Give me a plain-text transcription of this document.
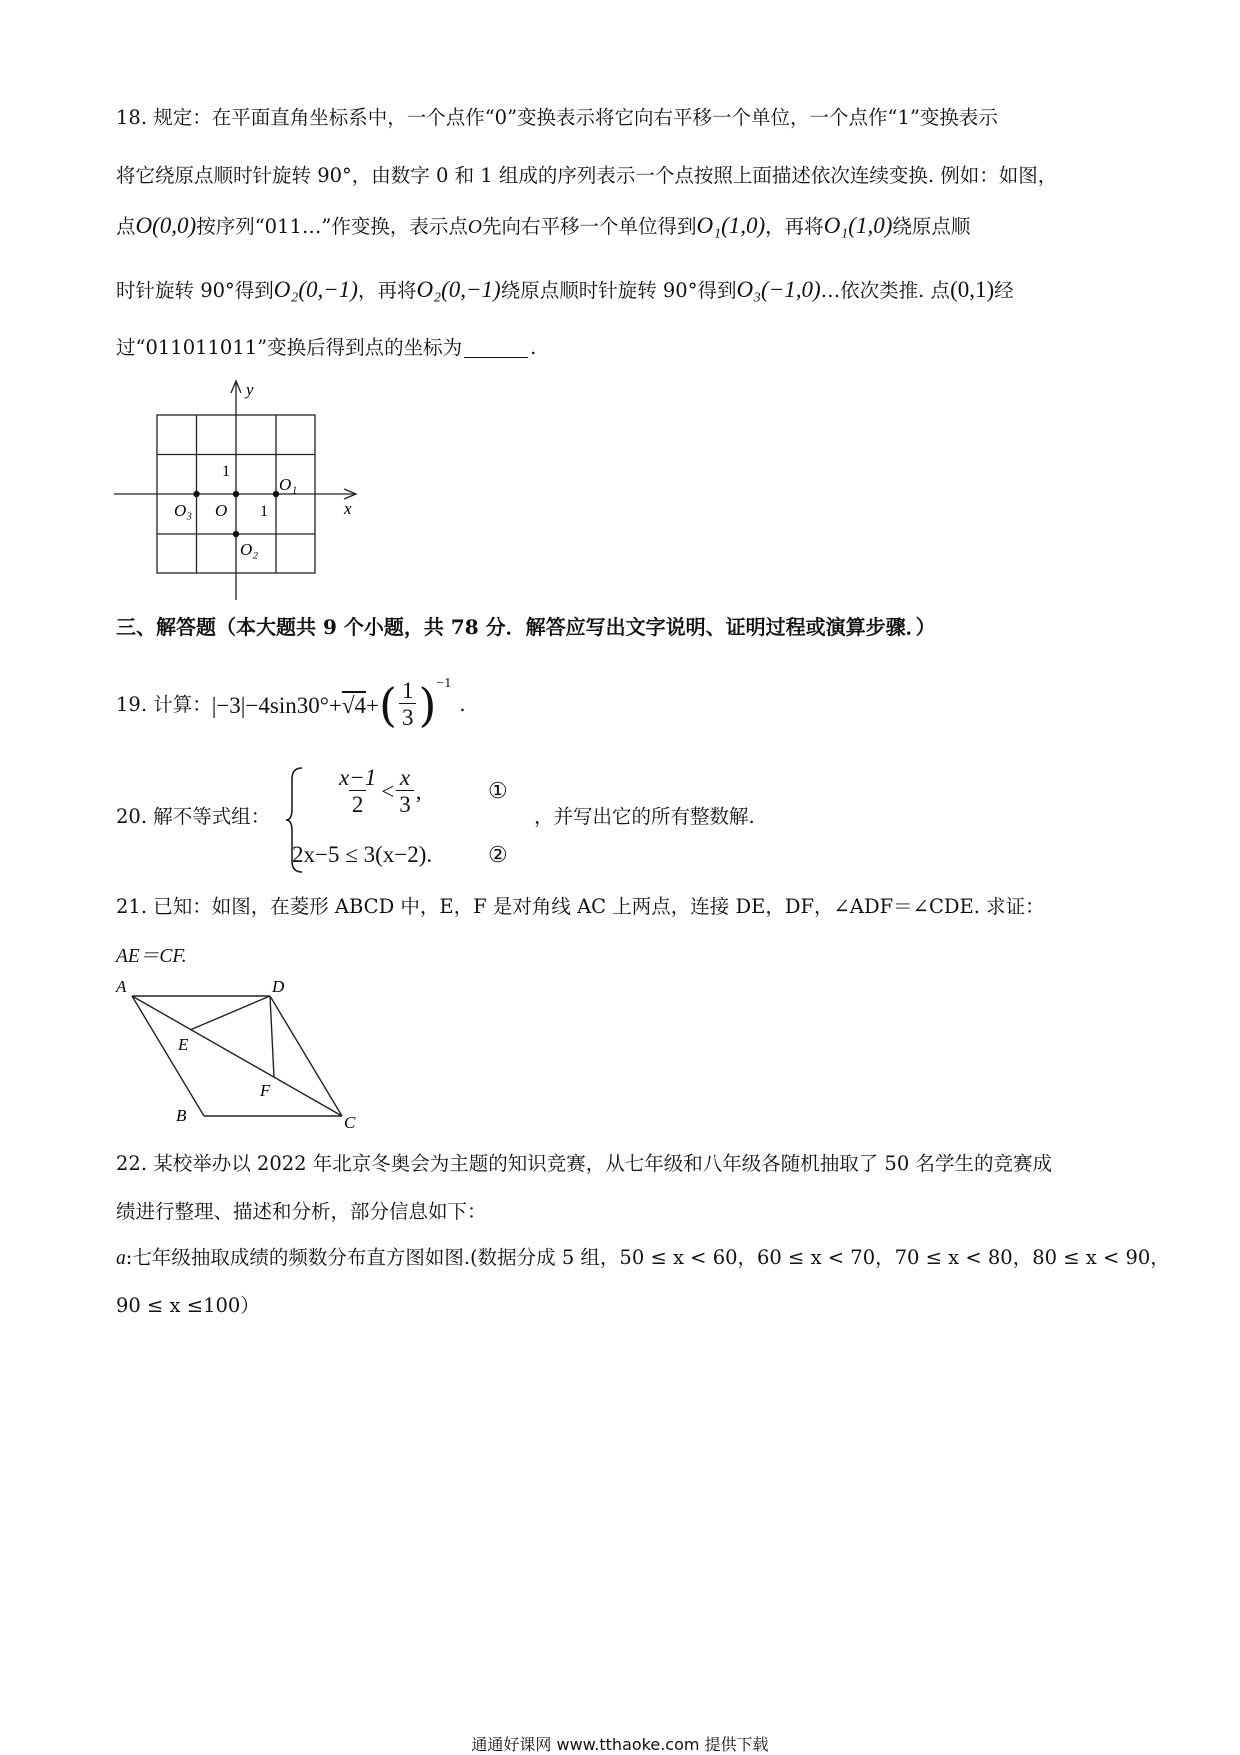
18. 规定：在平面直角坐标系中，一个点作“0”变换表示将它向右平移一个单位，一个点作“1”变换表示
将它绕原点顺时针旋转 90°，由数字 0 和 1 组成的序列表示一个点按照上面描述依次连续变换. 例如：如图，
点O(0,0)按序列“011…”作变换，表示点O先向右平移一个单位得到O₁(1,0)，再将O₁(1,0)绕原点顺
时针旋转 90°得到O₂(0,−1)，再将O₂(0,−1)绕原点顺时针旋转 90°得到O₃(−1,0)…依次类推. 点(0,1)经
过“011011011”变换后得到点的坐标为	.
y
x
1
1
O
O₃
O₁
O₂
三、解答题（本大题共 9 个小题，共 78 分．解答应写出文字说明、证明过程或演算步骤．）
19. 计算： |−3|−4sin30°+ √4 + ( $\frac{1}{3}$ ) −1
.
20. 解不等式组：	$\frac{x-1}{2} < \frac{x}{3}$ ,
2x−5 ≤ 3(x−2).
①
②
，并写出它的所有整数解.
21. 已知：如图，在菱形 ABCD 中，E，F 是对角线 AC 上两点，连接 DE，DF，∠ADF＝∠CDE. 求证：
AE＝CF.
A	D
E
F
B	C
22. 某校举办以 2022 年北京冬奥会为主题的知识竞赛，从七年级和八年级各随机抽取了 50 名学生的竞赛成
绩进行整理、描述和分析，部分信息如下：
a:七年级抽取成绩的频数分布直方图如图.(数据分成 5 组，50 ≤ x < 60，60 ≤ x < 70，70 ≤ x < 80，80 ≤ x < 90，
90 ≤ x ≤100）
通通好课网 www.tthaoke.com 提供下载
